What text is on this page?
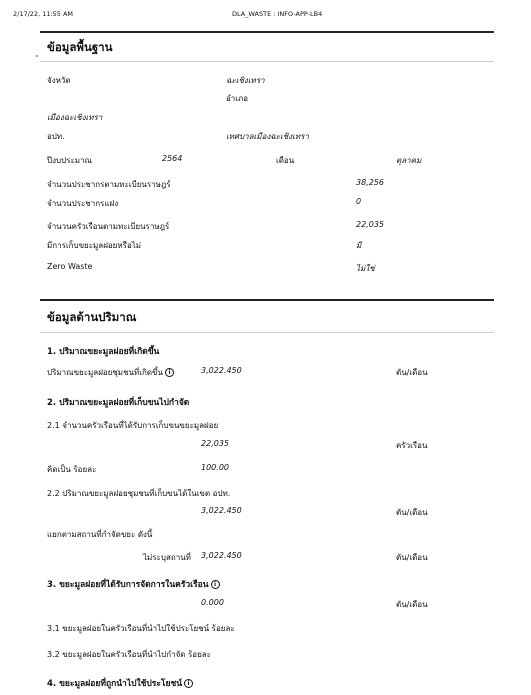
2/17/22, 11:55 AM	DLA_WASTE : INFO-APP-LB4
ข้อมูลพื้นฐาน
จังหวัด	ฉะเชิงเทรา
อำเภอ
เมืองฉะเชิงเทรา
อปท.	เทศบาลเมืองฉะเชิงเทรา
ปีงบประมาณ	2564	เดือน	ตุลาคม
จำนวนประชากรตามทะเบียนราษฎร์	38,256
จำนวนประชากรแฝง	0
จำนวนครัวเรือนตามทะเบียนราษฎร์	22,035
มีการเก็บขยะมูลฝอยหรือไม่	มี
Zero Waste	ไม่ใช่
ข้อมูลด้านปริมาณ
1. ปริมาณขยะมูลฝอยที่เกิดขึ้น
ปริมาณขยะมูลฝอยชุมชนที่เกิดขึ้น i	3,022.450	ตัน/เดือน
2. ปริมาณขยะมูลฝอยที่เก็บขนไปกำจัด
2.1 จำนวนครัวเรือนที่ได้รับการเก็บขนขยะมูลฝอย
22,035	ครัวเรือน
คิดเป็น ร้อยละ	100.00
2.2 ปริมาณขยะมูลฝอยชุมชนที่เก็บขนได้ในเขต อปท.
3,022.450	ตัน/เดือน
แยกตามสถานที่กำจัดขยะ ดังนี้
ไม่ระบุสถานที่ 3,022.450	ตัน/เดือน
3. ขยะมูลฝอยที่ได้รับการจัดการในครัวเรือน i
0.000	ตัน/เดือน
3.1 ขยะมูลฝอยในครัวเรือนที่นำไปใช้ประโยชน์ ร้อยละ
3.2 ขยะมูลฝอยในครัวเรือนที่นำไปกำจัด ร้อยละ
4. ขยะมูลฝอยที่ถูกนำไปใช้ประโยชน์ i
